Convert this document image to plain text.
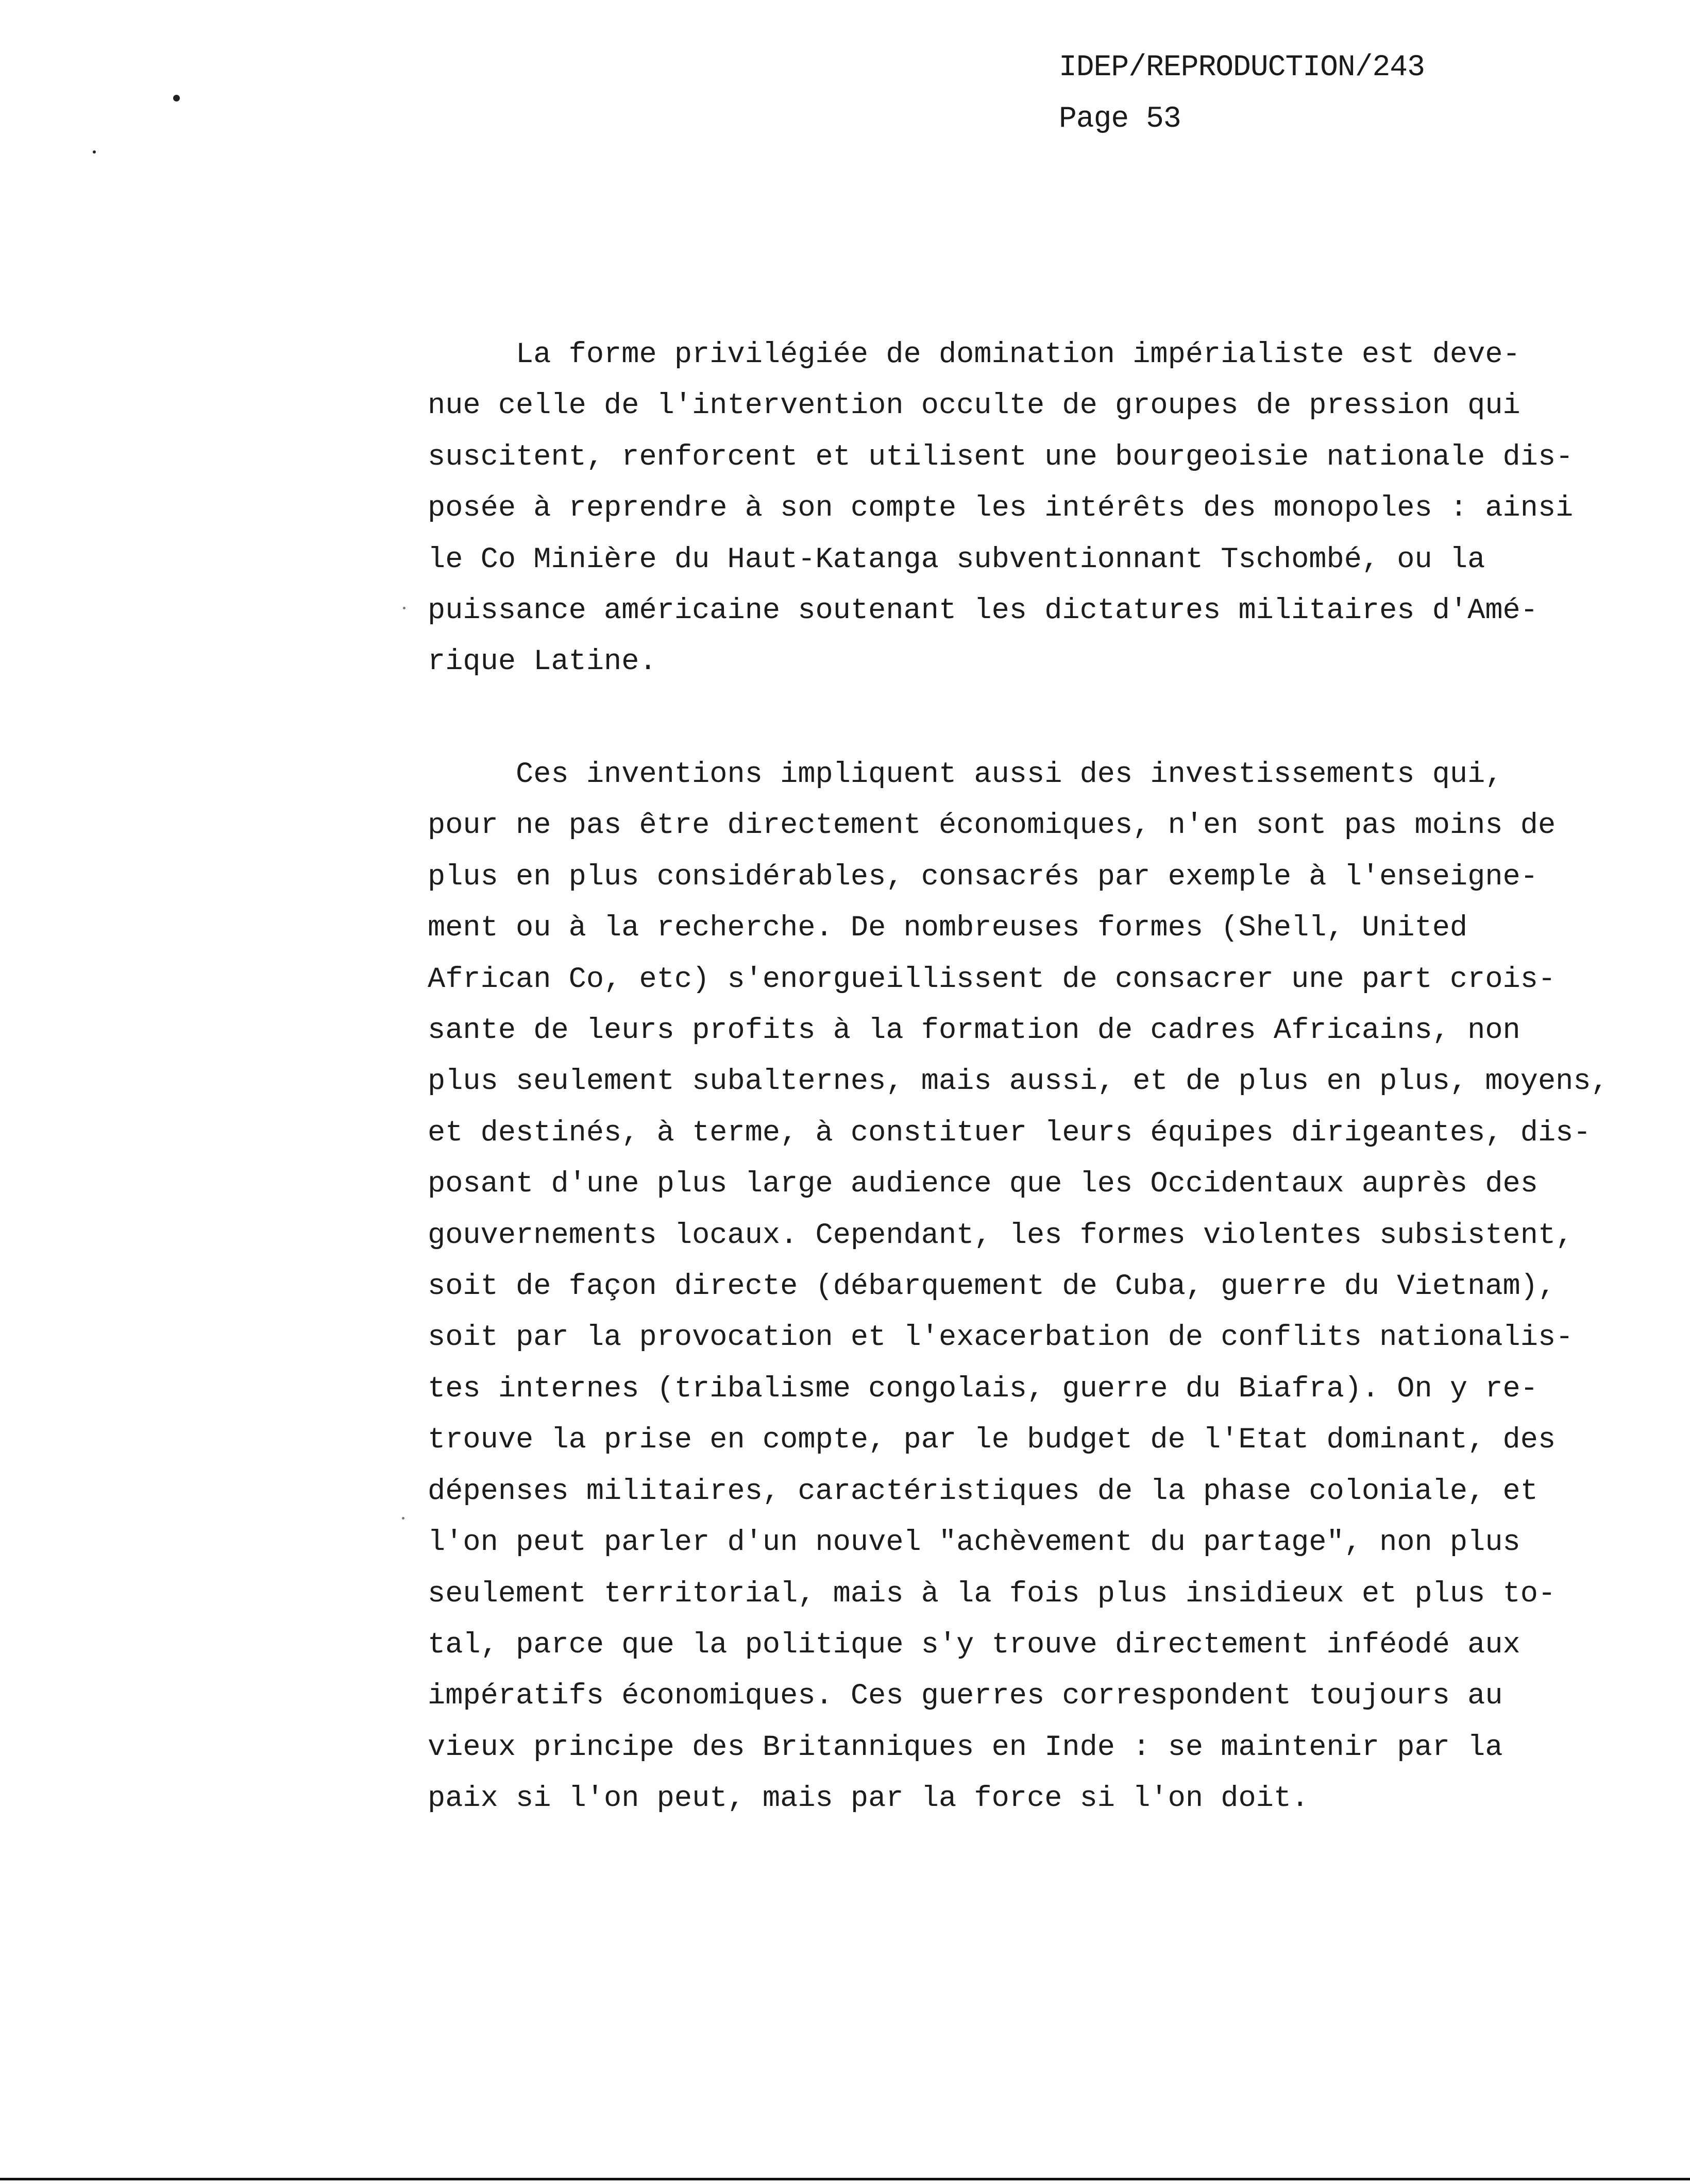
IDEP/REPRODUCTION/243
Page 53
La forme privilégiée de domination impérialiste est deve-
nue celle de l'intervention occulte de groupes de pression qui
suscitent, renforcent et utilisent une bourgeoisie nationale dis-
posée à reprendre à son compte les intérêts des monopoles : ainsi
le Co Minière du Haut-Katanga subventionnant Tschombé, ou la
puissance américaine soutenant les dictatures militaires d'Amé-
rique Latine.
Ces inventions impliquent aussi des investissements qui,
pour ne pas être directement économiques, n'en sont pas moins de
plus en plus considérables, consacrés par exemple à l'enseigne-
ment ou à la recherche. De nombreuses formes (Shell, United
African Co, etc) s'enorgueillissent de consacrer une part crois-
sante de leurs profits à la formation de cadres Africains, non
plus seulement subalternes, mais aussi, et de plus en plus, moyens,
et destinés, à terme, à constituer leurs équipes dirigeantes, dis-
posant d'une plus large audience que les Occidentaux auprès des
gouvernements locaux. Cependant, les formes violentes subsistent,
soit de façon directe (débarquement de Cuba, guerre du Vietnam),
soit par la provocation et l'exacerbation de conflits nationalis-
tes internes (tribalisme congolais, guerre du Biafra). On y re-
trouve la prise en compte, par le budget de l'Etat dominant, des
dépenses militaires, caractéristiques de la phase coloniale, et
l'on peut parler d'un nouvel "achèvement du partage", non plus
seulement territorial, mais à la fois plus insidieux et plus to-
tal, parce que la politique s'y trouve directement inféodé aux
impératifs économiques. Ces guerres correspondent toujours au
vieux principe des Britanniques en Inde : se maintenir par la
paix si l'on peut, mais par la force si l'on doit.
